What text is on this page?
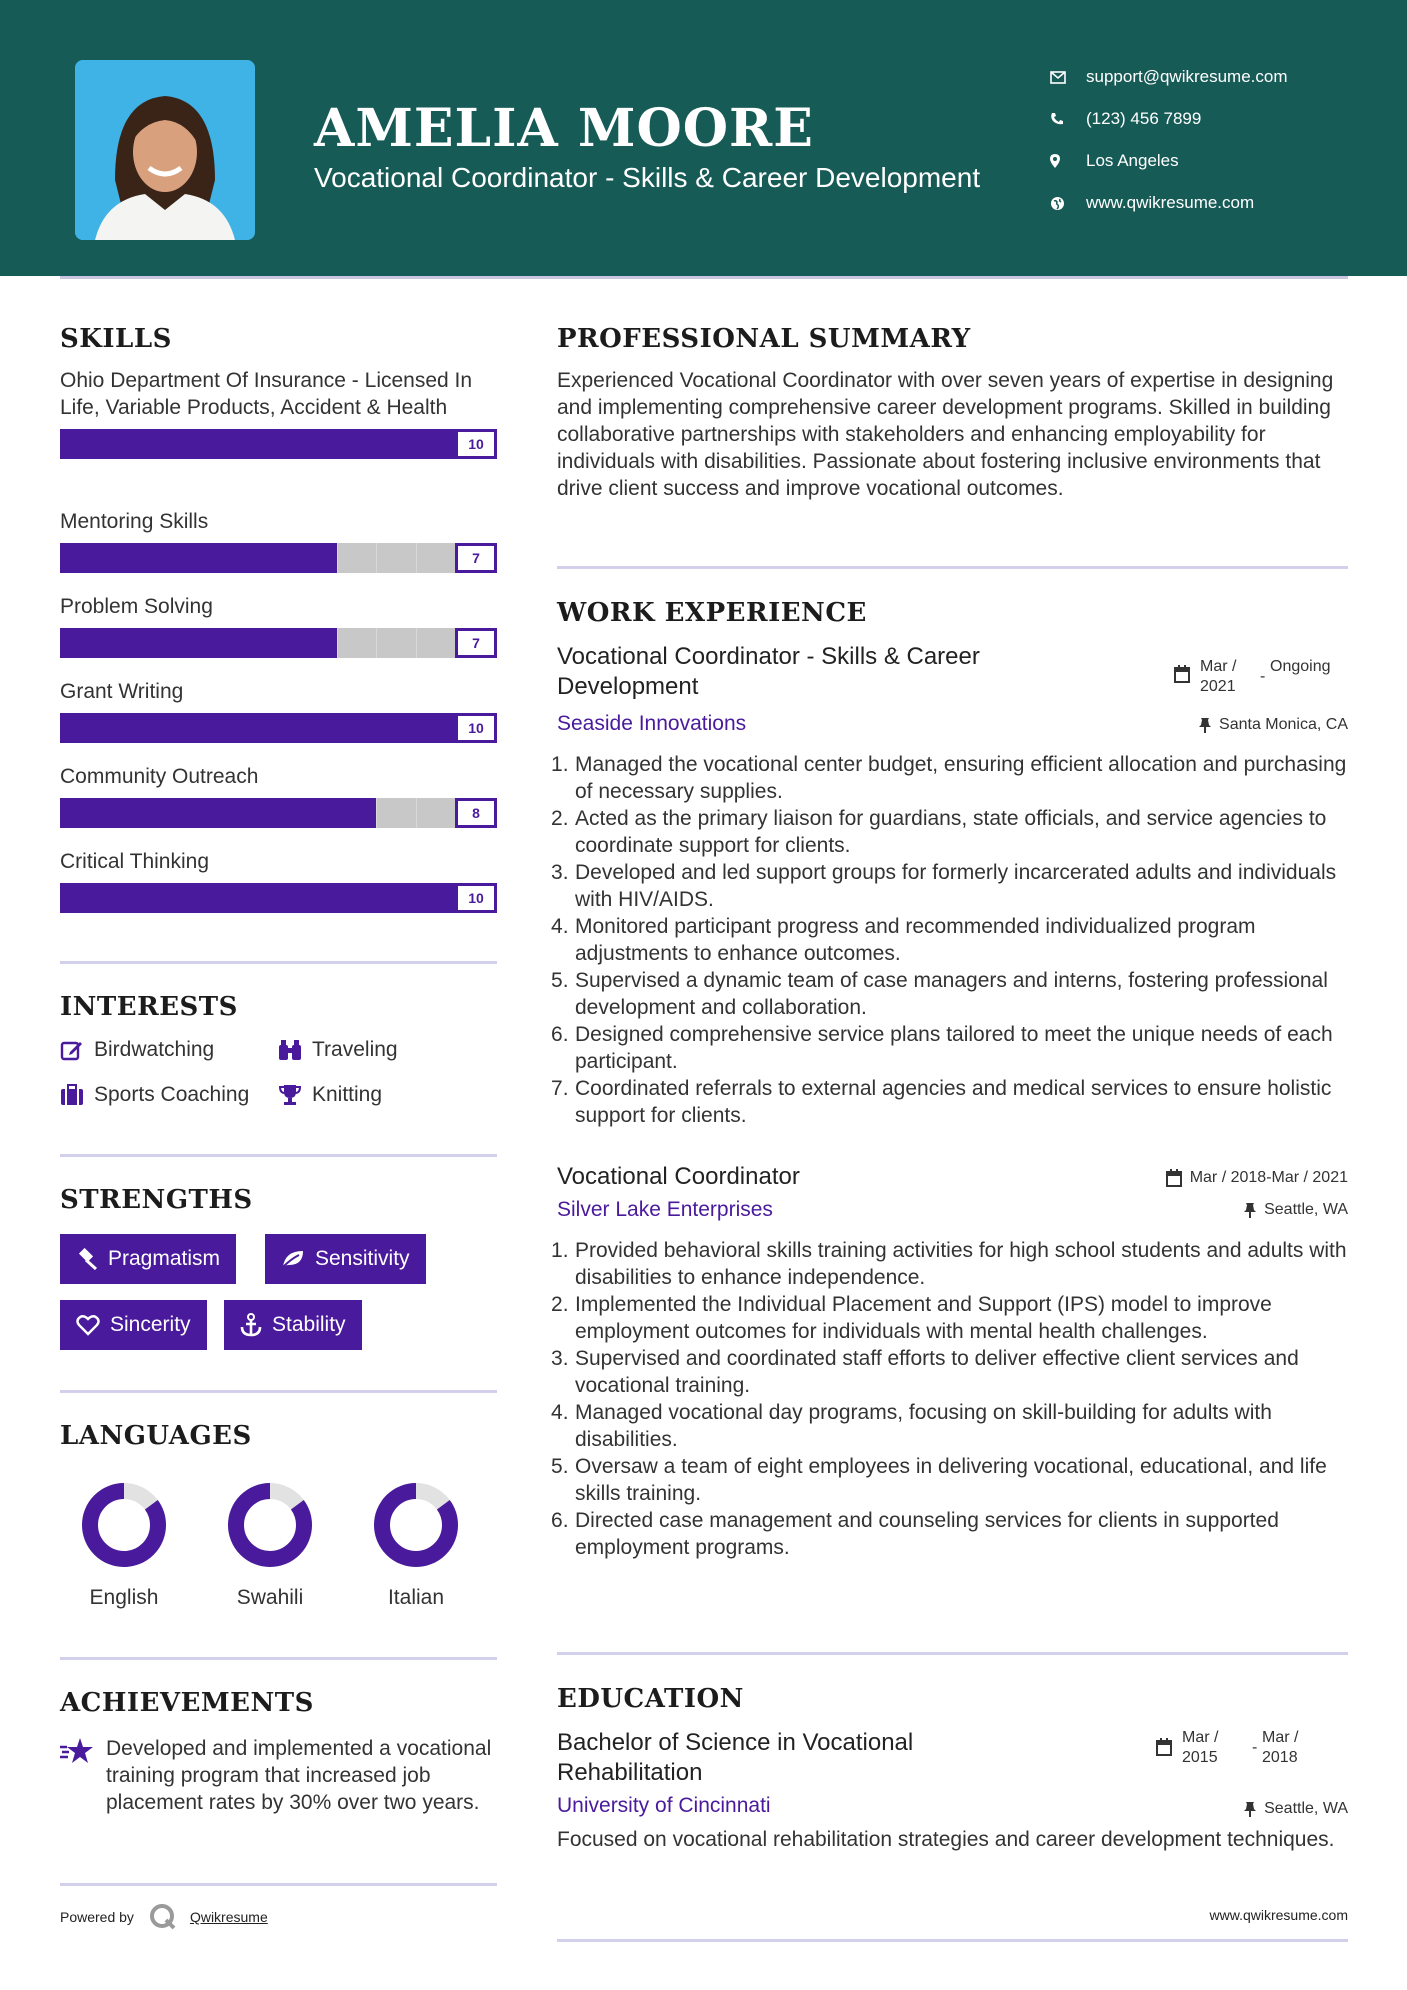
AMELIA MOORE
Vocational Coordinator - Skills & Career Development
support@qwikresume.com
(123) 456 7899
Los Angeles
www.qwikresume.com
SKILLS
Ohio Department Of Insurance - Licensed In Life, Variable Products, Accident & Health
10
Mentoring Skills
7
Problem Solving
7
Grant Writing
10
Community Outreach
8
Critical Thinking
10
INTERESTS
Birdwatching	Traveling
Sports Coaching	Knitting
STRENGTHS
Pragmatism	Sensitivity
Sincerity	Stability
LANGUAGES
English	Swahili	Italian
ACHIEVEMENTS
Developed and implemented a vocational training program that increased job placement rates by 30% over two years.
Powered by	Qwikresume
PROFESSIONAL SUMMARY
Experienced Vocational Coordinator with over seven years of expertise in designing and implementing comprehensive career development programs. Skilled in building collaborative partnerships with stakeholders and enhancing employability for individuals with disabilities. Passionate about fostering inclusive environments that drive client success and improve vocational outcomes.
WORK EXPERIENCE
Vocational Coordinator - Skills & Career Development
Mar / 2021
-
Ongoing
Seaside Innovations	Santa Monica, CA
Managed the vocational center budget, ensuring efficient allocation and purchasing of necessary supplies.
Acted as the primary liaison for guardians, state officials, and service agencies to coordinate support for clients.
Developed and led support groups for formerly incarcerated adults and individuals with HIV/AIDS.
Monitored participant progress and recommended individualized program adjustments to enhance outcomes.
Supervised a dynamic team of case managers and interns, fostering professional development and collaboration.
Designed comprehensive service plans tailored to meet the unique needs of each participant.
Coordinated referrals to external agencies and medical services to ensure holistic support for clients.
Vocational Coordinator	Mar / 2018-Mar / 2021
Silver Lake Enterprises	Seattle, WA
Provided behavioral skills training activities for high school students and adults with disabilities to enhance independence.
Implemented the Individual Placement and Support (IPS) model to improve employment outcomes for individuals with mental health challenges.
Supervised and coordinated staff efforts to deliver effective client services and vocational training.
Managed vocational day programs, focusing on skill-building for adults with disabilities.
Oversaw a team of eight employees in delivering vocational, educational, and life skills training.
Directed case management and counseling services for clients in supported employment programs.
EDUCATION
Bachelor of Science in Vocational Rehabilitation
Mar / 2015
-
Mar / 2018
University of Cincinnati	Seattle, WA
Focused on vocational rehabilitation strategies and career development techniques.
www.qwikresume.com
